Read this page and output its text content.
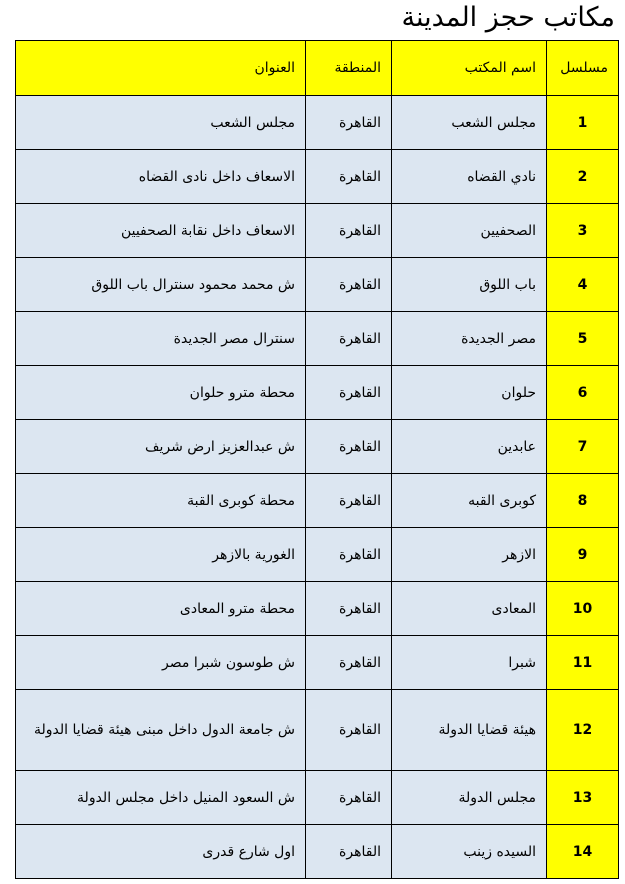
مكاتب حجز المدينة
مسلسل	اسم المكتب	المنطقة	العنوان
1	مجلس الشعب	القاهرة	مجلس الشعب
2	نادي القضاه	القاهرة	الاسعاف داخل نادى القضاه
3	الصحفيين	القاهرة	الاسعاف داخل نقابة الصحفيين
4	باب اللوق	القاهرة	ش محمد محمود سنترال باب اللوق
5	مصر الجديدة	القاهرة	سنترال مصر الجديدة
6	حلوان	القاهرة	محطة مترو حلوان
7	عابدين	القاهرة	ش عبدالعزيز ارض شريف
8	كوبرى القبه	القاهرة	محطة كوبرى القبة
9	الازهر	القاهرة	الغورية بالازهر
10	المعادى	القاهرة	محطة مترو المعادى
11	شبرا	القاهرة	ش طوسون شبرا مصر
12	هيئة قضايا الدولة	القاهرة	ش جامعة الدول داخل مبنى هيئة قضايا الدولة
13	مجلس الدولة	القاهرة	ش السعود المنيل داخل مجلس الدولة
14	السيده زينب	القاهرة	اول شارع قدرى
